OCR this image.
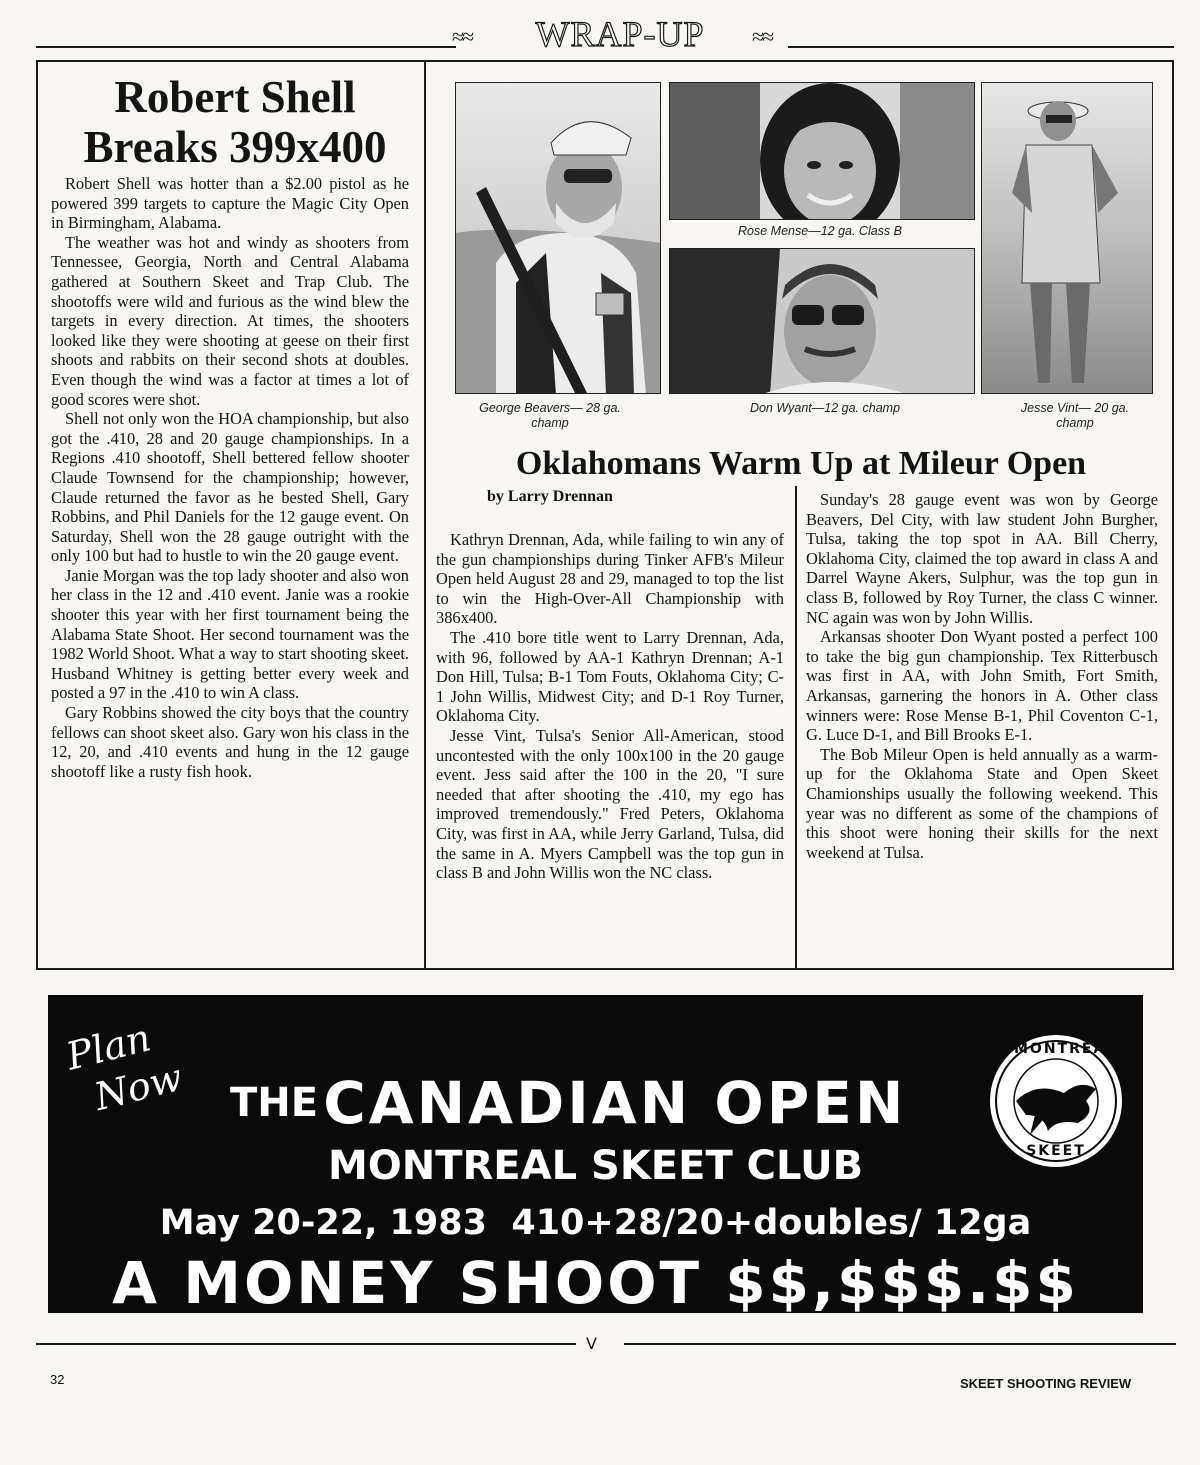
≈≈	WRAP-UP	≈≈
Robert Shell Breaks 399x400

Robert Shell was hotter than a $2.00 pistol as he powered 399 targets to capture the Magic City Open in Birmingham, Alabama.

The weather was hot and windy as shooters from Tennessee, Georgia, North and Central Alabama gathered at Southern Skeet and Trap Club. The shootoffs were wild and furious as the wind blew the targets in every direction. At times, the shooters looked like they were shooting at geese on their first shoots and rabbits on their second shots at doubles. Even though the wind was a factor at times a lot of good scores were shot.

Shell not only won the HOA championship, but also got the .410, 28 and 20 gauge championships. In a Regions .410 shootoff, Shell bettered fellow shooter Claude Townsend for the championship; however, Claude returned the favor as he bested Shell, Gary Robbins, and Phil Daniels for the 12 gauge event. On Saturday, Shell won the 28 gauge outright with the only 100 but had to hustle to win the 20 gauge event.

Janie Morgan was the top lady shooter and also won her class in the 12 and .410 event. Janie was a rookie shooter this year with her first tournament being the Alabama State Shoot. Her second tournament was the 1982 World Shoot. What a way to start shooting skeet. Husband Whitney is getting better every week and posted a 97 in the .410 to win A class.

Gary Robbins showed the city boys that the country fellows can shoot skeet also. Gary won his class in the 12, 20, and .410 events and hung in the 12 gauge shootoff like a rusty fish hook.

Rose Mense—12 ga. Class B
George Beavers— 28 ga. champ
Don Wyant—12 ga. champ	Jesse Vint— 20 ga. champ
Oklahomans Warm Up at Mileur Open
by Larry Drennan

Kathryn Drennan, Ada, while failing to win any of the gun championships during Tinker AFB's Mileur Open held August 28 and 29, managed to top the list to win the High-Over-All Championship with 386x400.

The .410 bore title went to Larry Drennan, Ada, with 96, followed by AA-1 Kathryn Drennan; A-1 Don Hill, Tulsa; B-1 Tom Fouts, Oklahoma City; C-1 John Willis, Midwest City; and D-1 Roy Turner, Oklahoma City.

Jesse Vint, Tulsa's Senior All-American, stood uncontested with the only 100x100 in the 20 gauge event. Jess said after the 100 in the 20, "I sure needed that after shooting the .410, my ego has improved tremendously." Fred Peters, Oklahoma City, was first in AA, while Jerry Garland, Tulsa, did the same in A. Myers Campbell was the top gun in class B and John Willis won the NC class.

Sunday's 28 gauge event was won by George Beavers, Del City, with law student John Burgher, Tulsa, taking the top spot in AA. Bill Cherry, Oklahoma City, claimed the top award in class A and Darrel Wayne Akers, Sulphur, was the top gun in class B, followed by Roy Turner, the class C winner. NC again was won by John Willis.

Arkansas shooter Don Wyant posted a perfect 100 to take the big gun championship. Tex Ritterbusch was first in AA, with John Smith, Fort Smith, Arkansas, garnering the honors in A. Other class winners were: Rose Mense B-1, Phil Coventon C-1, G. Luce D-1, and Bill Brooks E-1.

The Bob Mileur Open is held annually as a warm-up for the Oklahoma State and Open Skeet Chamionships usually the following weekend. This year was no different as some of the champions of this shoot were honing their skills for the next weekend at Tulsa.

Plan
Now THE CANADIAN OPEN
MONTREAL SKEET CLUB
May 20-22, 1983  410+28/20+doubles/ 12ga
A MONEY SHOOT $$,$$$.$$
MONTREAL
SKEET
ᐯ
32	SKEET SHOOTING REVIEW
